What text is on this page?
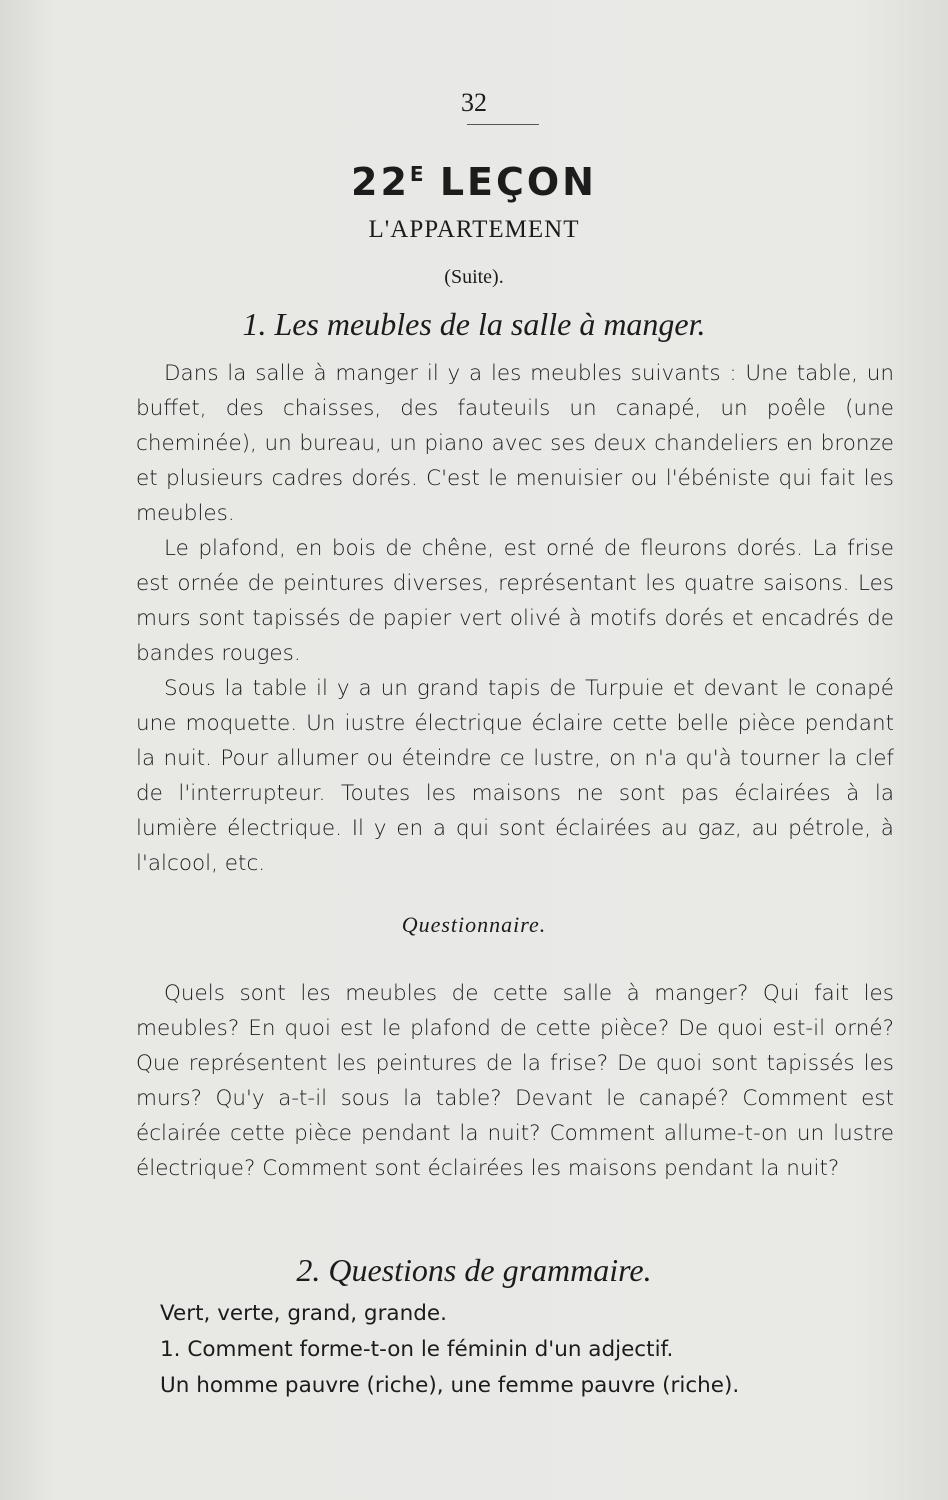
32
$22^E$ LEÇON
L'APPARTEMENT
(Suite).
1. Les meubles de la salle à manger.

Dans la salle à manger il y a les meubles suivants : Une table, un buffet, des chaisses, des fauteuils un canapé, un poêle (une cheminée), un bureau, un piano avec ses deux chandeliers en bronze et plusieurs cadres dorés. C'est le menuisier ou l'ébéniste qui fait les meubles.

Le plafond, en bois de chêne, est orné de fleurons dorés. La frise est ornée de peintures diverses, représentant les quatre saisons. Les murs sont tapissés de papier vert olivé à motifs dorés et encadrés de bandes rouges.

Sous la table il y a un grand tapis de Turpuie et devant le conapé une moquette. Un iustre électrique éclaire cette belle pièce pendant la nuit. Pour allumer ou éteindre ce lustre, on n'a qu'à tourner la clef de l'interrupteur. Toutes les maisons ne sont pas éclairées à la lumière électrique. Il y en a qui sont éclairées au gaz, au pétrole, à l'alcool, etc.

Questionnaire.

Quels sont les meubles de cette salle à manger? Qui fait les meubles? En quoi est le plafond de cette pièce? De quoi est-il orné? Que représentent les peintures de la frise? De quoi sont tapissés les murs? Qu'y a-t-il sous la table? Devant le canapé? Comment est éclairée cette pièce pendant la nuit? Comment allume-t-on un lustre électrique? Comment sont éclairées les maisons pendant la nuit?

2. Questions de grammaire.
Vert, verte, grand, grande.
1. Comment forme-t-on le féminin d'un adjectif.
Un homme pauvre (riche), une femme pauvre (riche).
